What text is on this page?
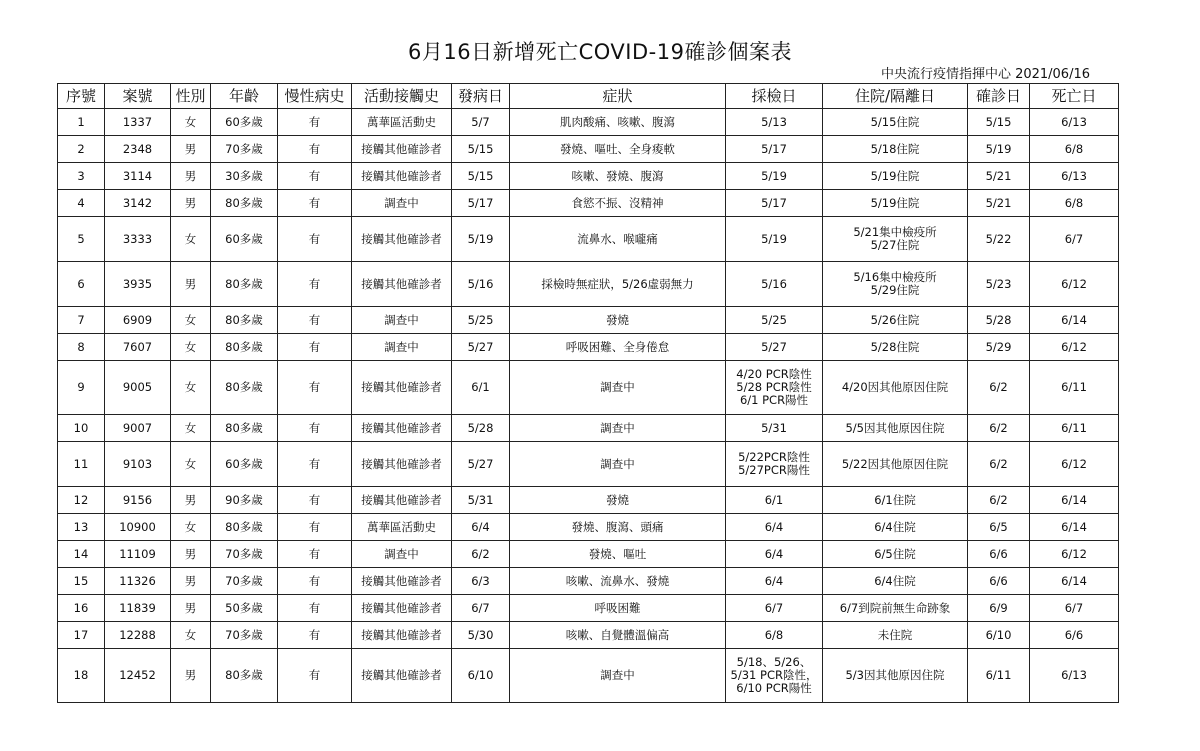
6月16日新增死亡COVID-19確診個案表
中央流行疫情指揮中心 2021/06/16
序號	案號	性別	年齡	慢性病史	活動接觸史	發病日	症狀	採檢日	住院/隔離日	確診日	死亡日
1	1337	女	60多歲	有	萬華區活動史	5/7	肌肉酸痛、咳嗽、腹瀉	5/13	5/15住院	5/15	6/13
2	2348	男	70多歲	有	接觸其他確診者	5/15	發燒、嘔吐、全身痠軟	5/17	5/18住院	5/19	6/8
3	3114	男	30多歲	有	接觸其他確診者	5/15	咳嗽、發燒、腹瀉	5/19	5/19住院	5/21	6/13
4	3142	男	80多歲	有	調查中	5/17	食慾不振、沒精神	5/17	5/19住院	5/21	6/8
5	3333	女	60多歲	有	接觸其他確診者	5/19	流鼻水、喉嚨痛	5/19	5/21集中檢疫所
5/27住院	5/22	6/7
6	3935	男	80多歲	有	接觸其他確診者	5/16	採檢時無症狀，5/26虛弱無力	5/16	5/16集中檢疫所
5/29住院	5/23	6/12
7	6909	女	80多歲	有	調查中	5/25	發燒	5/25	5/26住院	5/28	6/14
8	7607	女	80多歲	有	調查中	5/27	呼吸困難、全身倦怠	5/27	5/28住院	5/29	6/12
9	9005	女	80多歲	有	接觸其他確診者	6/1	調查中	4/20 PCR陰性
5/28 PCR陰性
6/1 PCR陽性	4/20因其他原因住院	6/2	6/11
10	9007	女	80多歲	有	接觸其他確診者	5/28	調查中	5/31	5/5因其他原因住院	6/2	6/11
11	9103	女	60多歲	有	接觸其他確診者	5/27	調查中	5/22PCR陰性
5/27PCR陽性	5/22因其他原因住院	6/2	6/12
12	9156	男	90多歲	有	接觸其他確診者	5/31	發燒	6/1	6/1住院	6/2	6/14
13	10900	女	80多歲	有	萬華區活動史	6/4	發燒、腹瀉、頭痛	6/4	6/4住院	6/5	6/14
14	11109	男	70多歲	有	調查中	6/2	發燒、嘔吐	6/4	6/5住院	6/6	6/12
15	11326	男	70多歲	有	接觸其他確診者	6/3	咳嗽、流鼻水、發燒	6/4	6/4住院	6/6	6/14
16	11839	男	50多歲	有	接觸其他確診者	6/7	呼吸困難	6/7	6/7到院前無生命跡象	6/9	6/7
17	12288	女	70多歲	有	接觸其他確診者	5/30	咳嗽、自覺體溫偏高	6/8	未住院	6/10	6/6
18	12452	男	80多歲	有	接觸其他確診者	6/10	調查中	5/18、5/26、
5/31 PCR陰性，
6/10 PCR陽性	5/3因其他原因住院	6/11	6/13
